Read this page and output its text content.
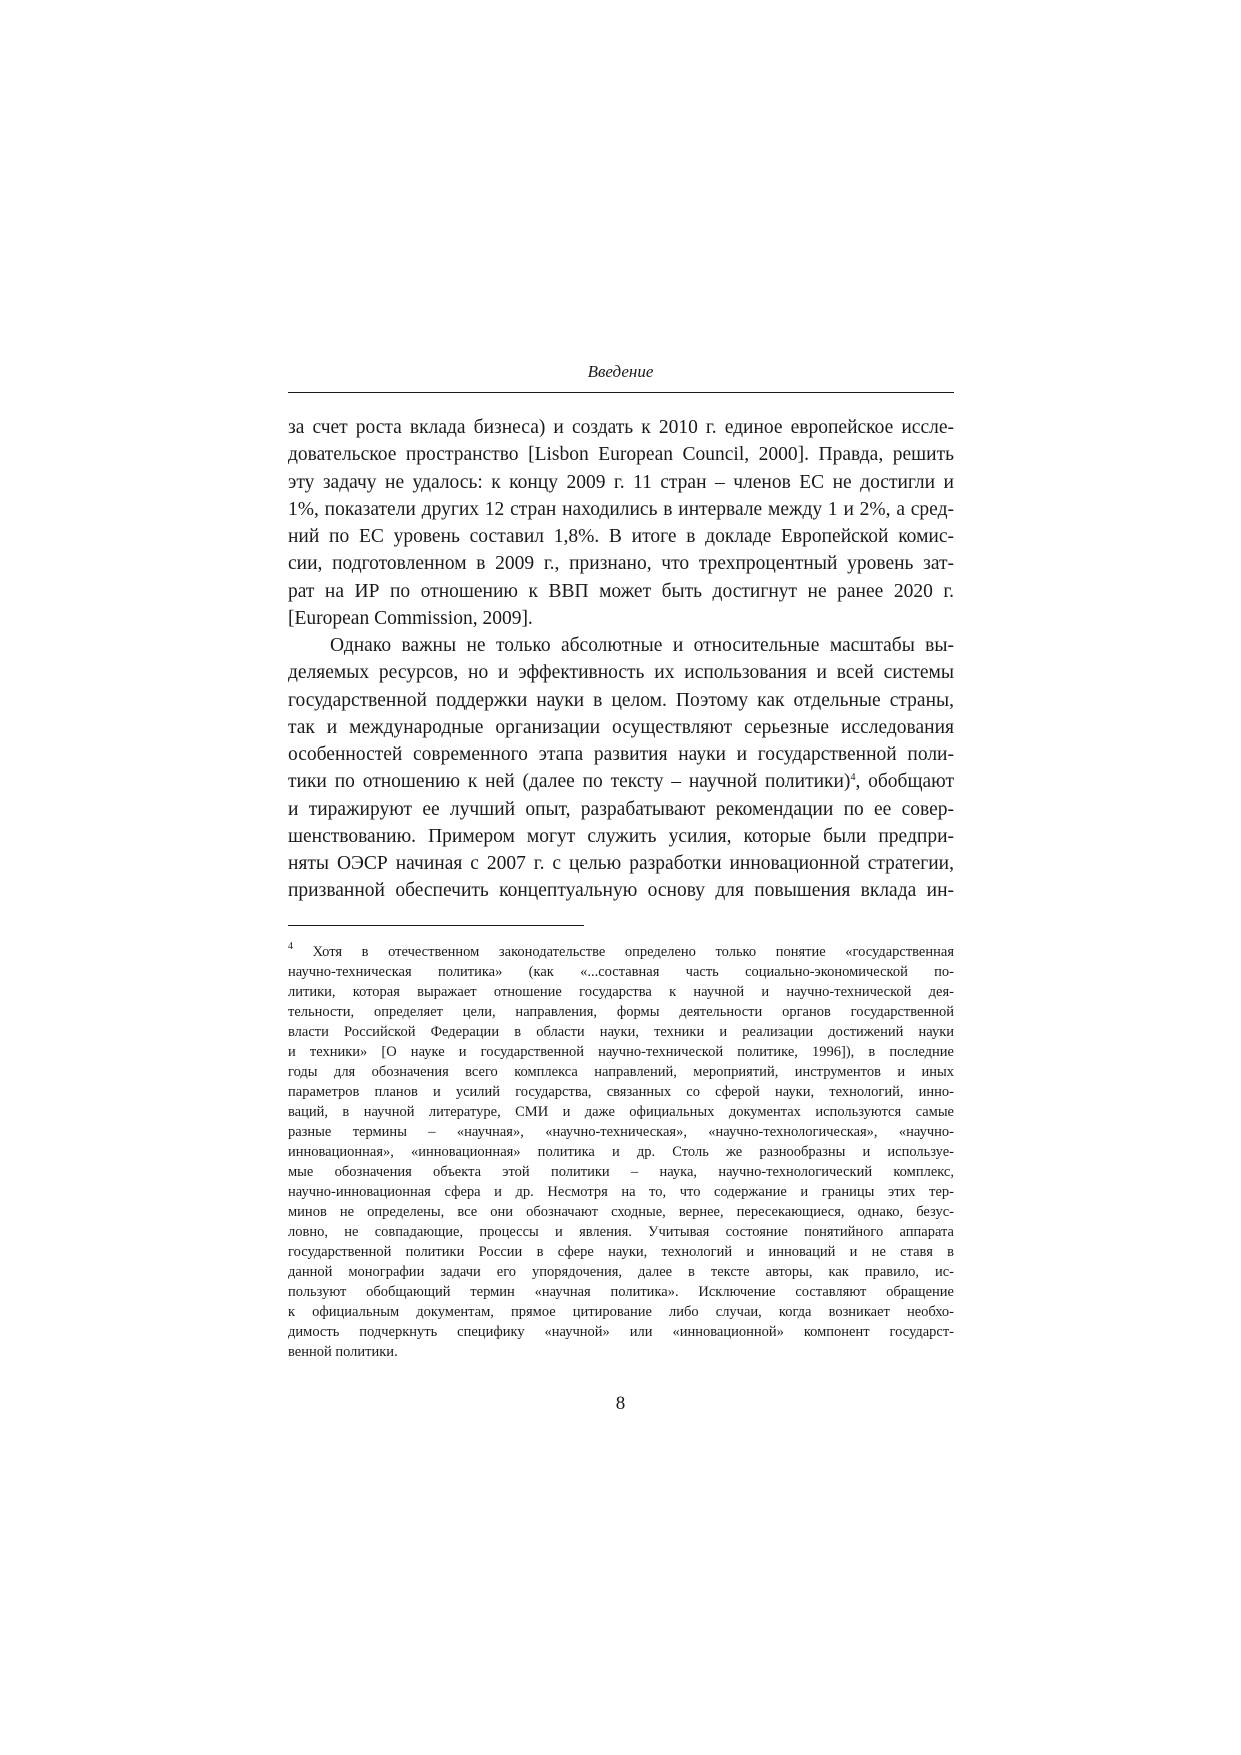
Введение
за счет роста вклада бизнеса) и создать к 2010 г. единое европейское иссле-
довательское пространство [Lisbon European Council, 2000]. Правда, решить
эту задачу не удалось: к концу 2009 г. 11 стран – членов ЕС не достигли и
1%, показатели других 12 стран находились в интервале между 1 и 2%, а сред-
ний по ЕС уровень составил 1,8%. В итоге в докладе Европейской комис-
сии, подготовленном в 2009 г., признано, что трехпроцентный уровень зат-
рат на ИР по отношению к ВВП может быть достигнут не ранее 2020 г.
[European Commission, 2009].
Однако важны не только абсолютные и относительные масштабы вы-
деляемых ресурсов, но и эффективность их использования и всей системы
государственной поддержки науки в целом. Поэтому как отдельные страны,
так и международные организации осуществляют серьезные исследования
особенностей современного этапа развития науки и государственной поли-
тики по отношению к ней (далее по тексту – научной политики)$^4$, обобщают
и тиражируют ее лучший опыт, разрабатывают рекомендации по ее совер-
шенствованию. Примером могут служить усилия, которые были предпри-
няты ОЭСР начиная с 2007 г. с целью разработки инновационной стратегии,
призванной обеспечить концептуальную основу для повышения вклада ин-
$^4$ Хотя в отечественном законодательстве определено только понятие «государственная
научно-техническая политика» (как «...составная часть социально-экономической по-
литики, которая выражает отношение государства к научной и научно-технической дея-
тельности, определяет цели, направления, формы деятельности органов государственной
власти Российской Федерации в области науки, техники и реализации достижений науки
и техники» [О науке и государственной научно-технической политике, 1996]), в последние
годы для обозначения всего комплекса направлений, мероприятий, инструментов и иных
параметров планов и усилий государства, связанных со сферой науки, технологий, инно-
ваций, в научной литературе, СМИ и даже официальных документах используются самые
разные термины – «научная», «научно-техническая», «научно-технологическая», «научно-
инновационная», «инновационная» политика и др. Столь же разнообразны и используе-
мые обозначения объекта этой политики – наука, научно-технологический комплекс,
научно-инновационная сфера и др. Несмотря на то, что содержание и границы этих тер-
минов не определены, все они обозначают сходные, вернее, пересекающиеся, однако, безус-
ловно, не совпадающие, процессы и явления. Учитывая состояние понятийного аппарата
государственной политики России в сфере науки, технологий и инноваций и не ставя в
данной монографии задачи его упорядочения, далее в тексте авторы, как правило, ис-
пользуют обобщающий термин «научная политика». Исключение составляют обращение
к официальным документам, прямое цитирование либо случаи, когда возникает необхо-
димость подчеркнуть специфику «научной» или «инновационной» компонент государст-
венной политики.
8
